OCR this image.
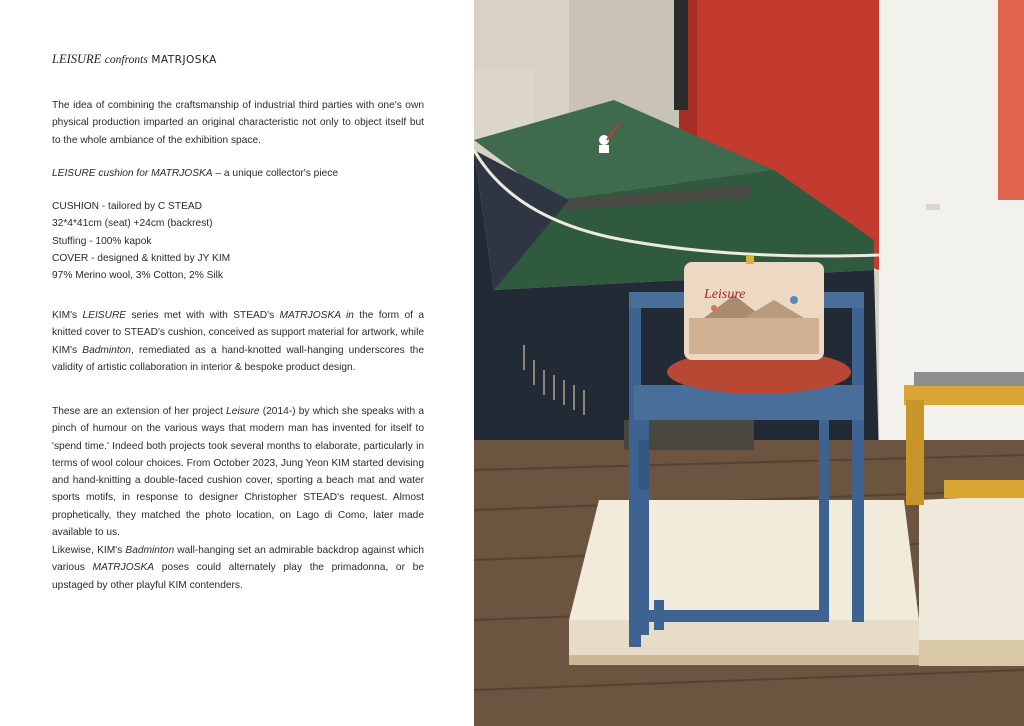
LEISURE confronts MATRJOSKA

The idea of combining the craftsmanship of industrial third parties with one's own physical production imparted an original characteristic not only to object itself but to the whole ambiance of the exhibition space.

LEISURE cushion for MATRJOSKA – a unique collector's piece
CUSHION - tailored by C STEAD
32*4*41cm (seat) +24cm (backrest)
Stuffing - 100% kapok
COVER - designed & knitted by JY KIM
97% Merino wool, 3% Cotton, 2% Silk

KIM's LEISURE series met with with STEAD's MATRJOSKA in the form of a knitted cover to STEAD's cushion, conceived as support material for artwork, while KIM's Badminton, remediated as a hand-knotted wall-hanging underscores the validity of artistic collaboration in interior & bespoke product design.

These are an extension of her project Leisure (2014-) by which she speaks with a pinch of humour on the various ways that modern man has invented for itself to 'spend time.' Indeed both projects took several months to elaborate, particularly in terms of wool colour choices. From October 2023, Jung Yeon KIM started devising and hand-knitting a double-faced cushion cover, sporting a beach mat and water sports motifs, in response to designer Christopher STEAD's request. Almost prophetically, they matched the photo location, on Lago di Como, later made available to us.

Likewise, KIM's Badminton wall-hanging set an admirable backdrop against which various MATRJOSKA poses could alternately play the primadonna, or be upstaged by other playful KIM contenders.

Leisure
